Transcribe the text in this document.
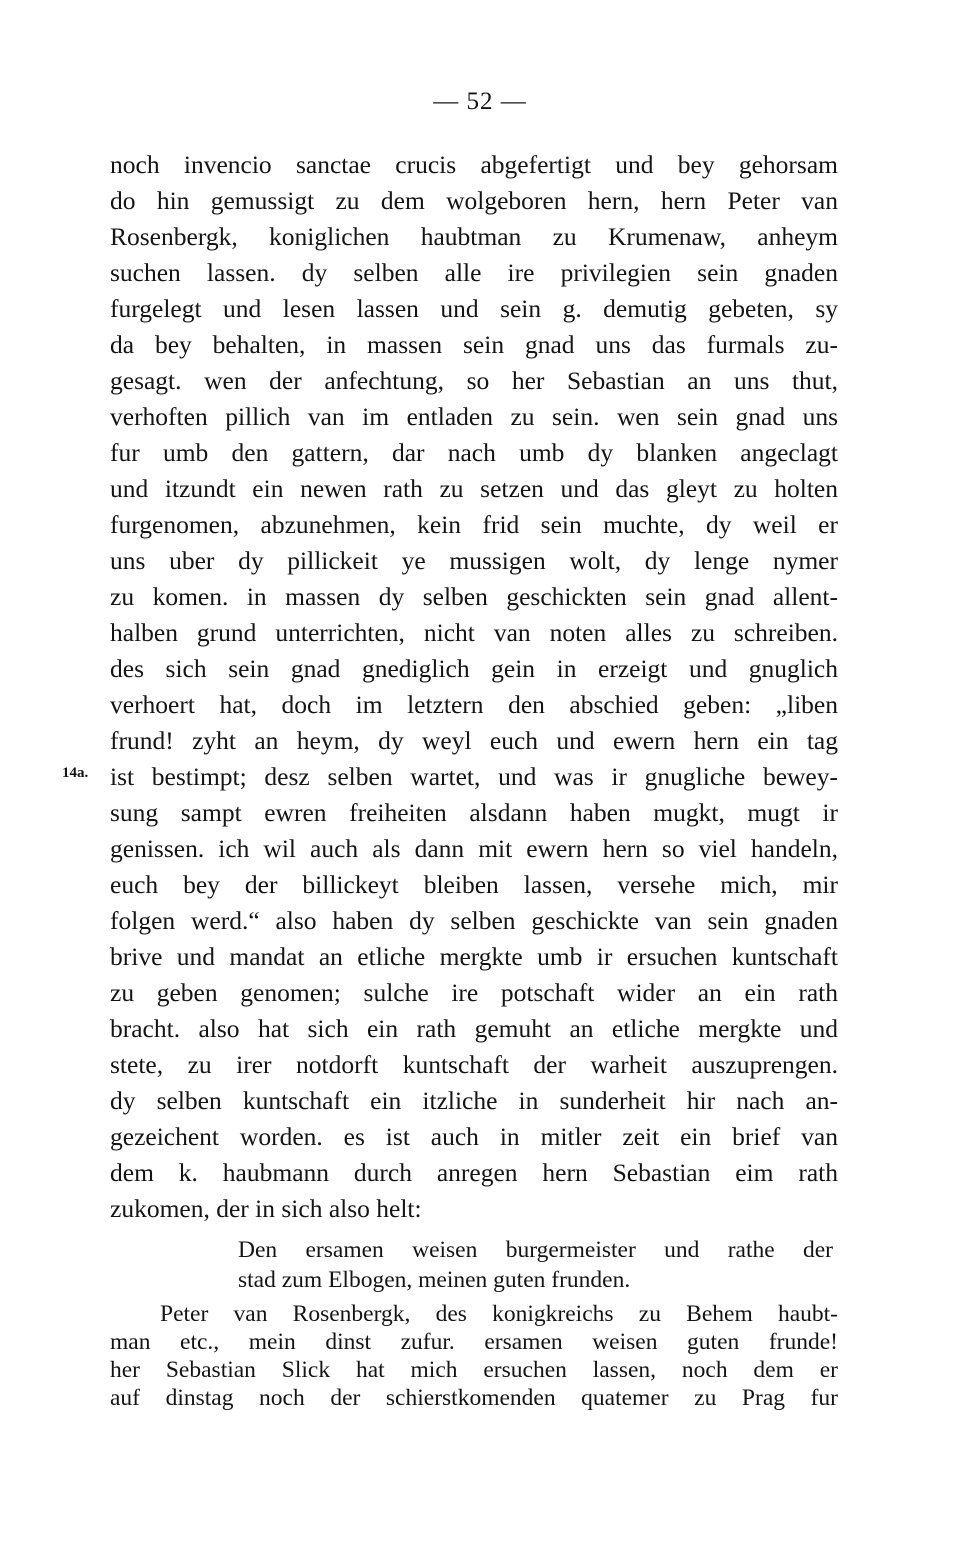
— 52 —
14a.
noch invencio sanctae crucis abgefertigt und bey gehorsam
do hin gemussigt zu dem wolgeboren hern, hern Peter van
Rosenbergk, koniglichen haubtman zu Krumenaw, anheym
suchen lassen. dy selben alle ire privilegien sein gnaden
furgelegt und lesen lassen und sein g. demutig gebeten, sy
da bey behalten, in massen sein gnad uns das furmals zu-
gesagt. wen der anfechtung, so her Sebastian an uns thut,
verhoften pillich van im entladen zu sein. wen sein gnad uns
fur umb den gattern, dar nach umb dy blanken angeclagt
und itzundt ein newen rath zu setzen und das gleyt zu holten
furgenomen, abzunehmen, kein frid sein muchte, dy weil er
uns uber dy pillickeit ye mussigen wolt, dy lenge nymer
zu komen. in massen dy selben geschickten sein gnad allent-
halben grund unterrichten, nicht van noten alles zu schreiben.
des sich sein gnad gnediglich gein in erzeigt und gnuglich
verhoert hat, doch im letztern den abschied geben: „liben
frund! zyht an heym, dy weyl euch und ewern hern ein tag
ist bestimpt; desz selben wartet, und was ir gnugliche bewey-
sung sampt ewren freiheiten alsdann haben mugkt, mugt ir
genissen. ich wil auch als dann mit ewern hern so viel handeln,
euch bey der billickeyt bleiben lassen, versehe mich, mir
folgen werd.“ also haben dy selben geschickte van sein gnaden
brive und mandat an etliche mergkte umb ir ersuchen kuntschaft
zu geben genomen; sulche ire potschaft wider an ein rath
bracht. also hat sich ein rath gemuht an etliche mergkte und
stete, zu irer notdorft kuntschaft der warheit auszuprengen.
dy selben kuntschaft ein itzliche in sunderheit hir nach an-
gezeichent worden. es ist auch in mitler zeit ein brief van
dem k. haubmann durch anregen hern Sebastian eim rath
zukomen, der in sich also helt:
Den ersamen weisen burgermeister und rathe der
stad zum Elbogen, meinen guten frunden.
Peter van Rosenbergk, des konigkreichs zu Behem haubt-
man etc., mein dinst zufur. ersamen weisen guten frunde!
her Sebastian Slick hat mich ersuchen lassen, noch dem er
auf dinstag noch der schierstkomenden quatemer zu Prag fur
